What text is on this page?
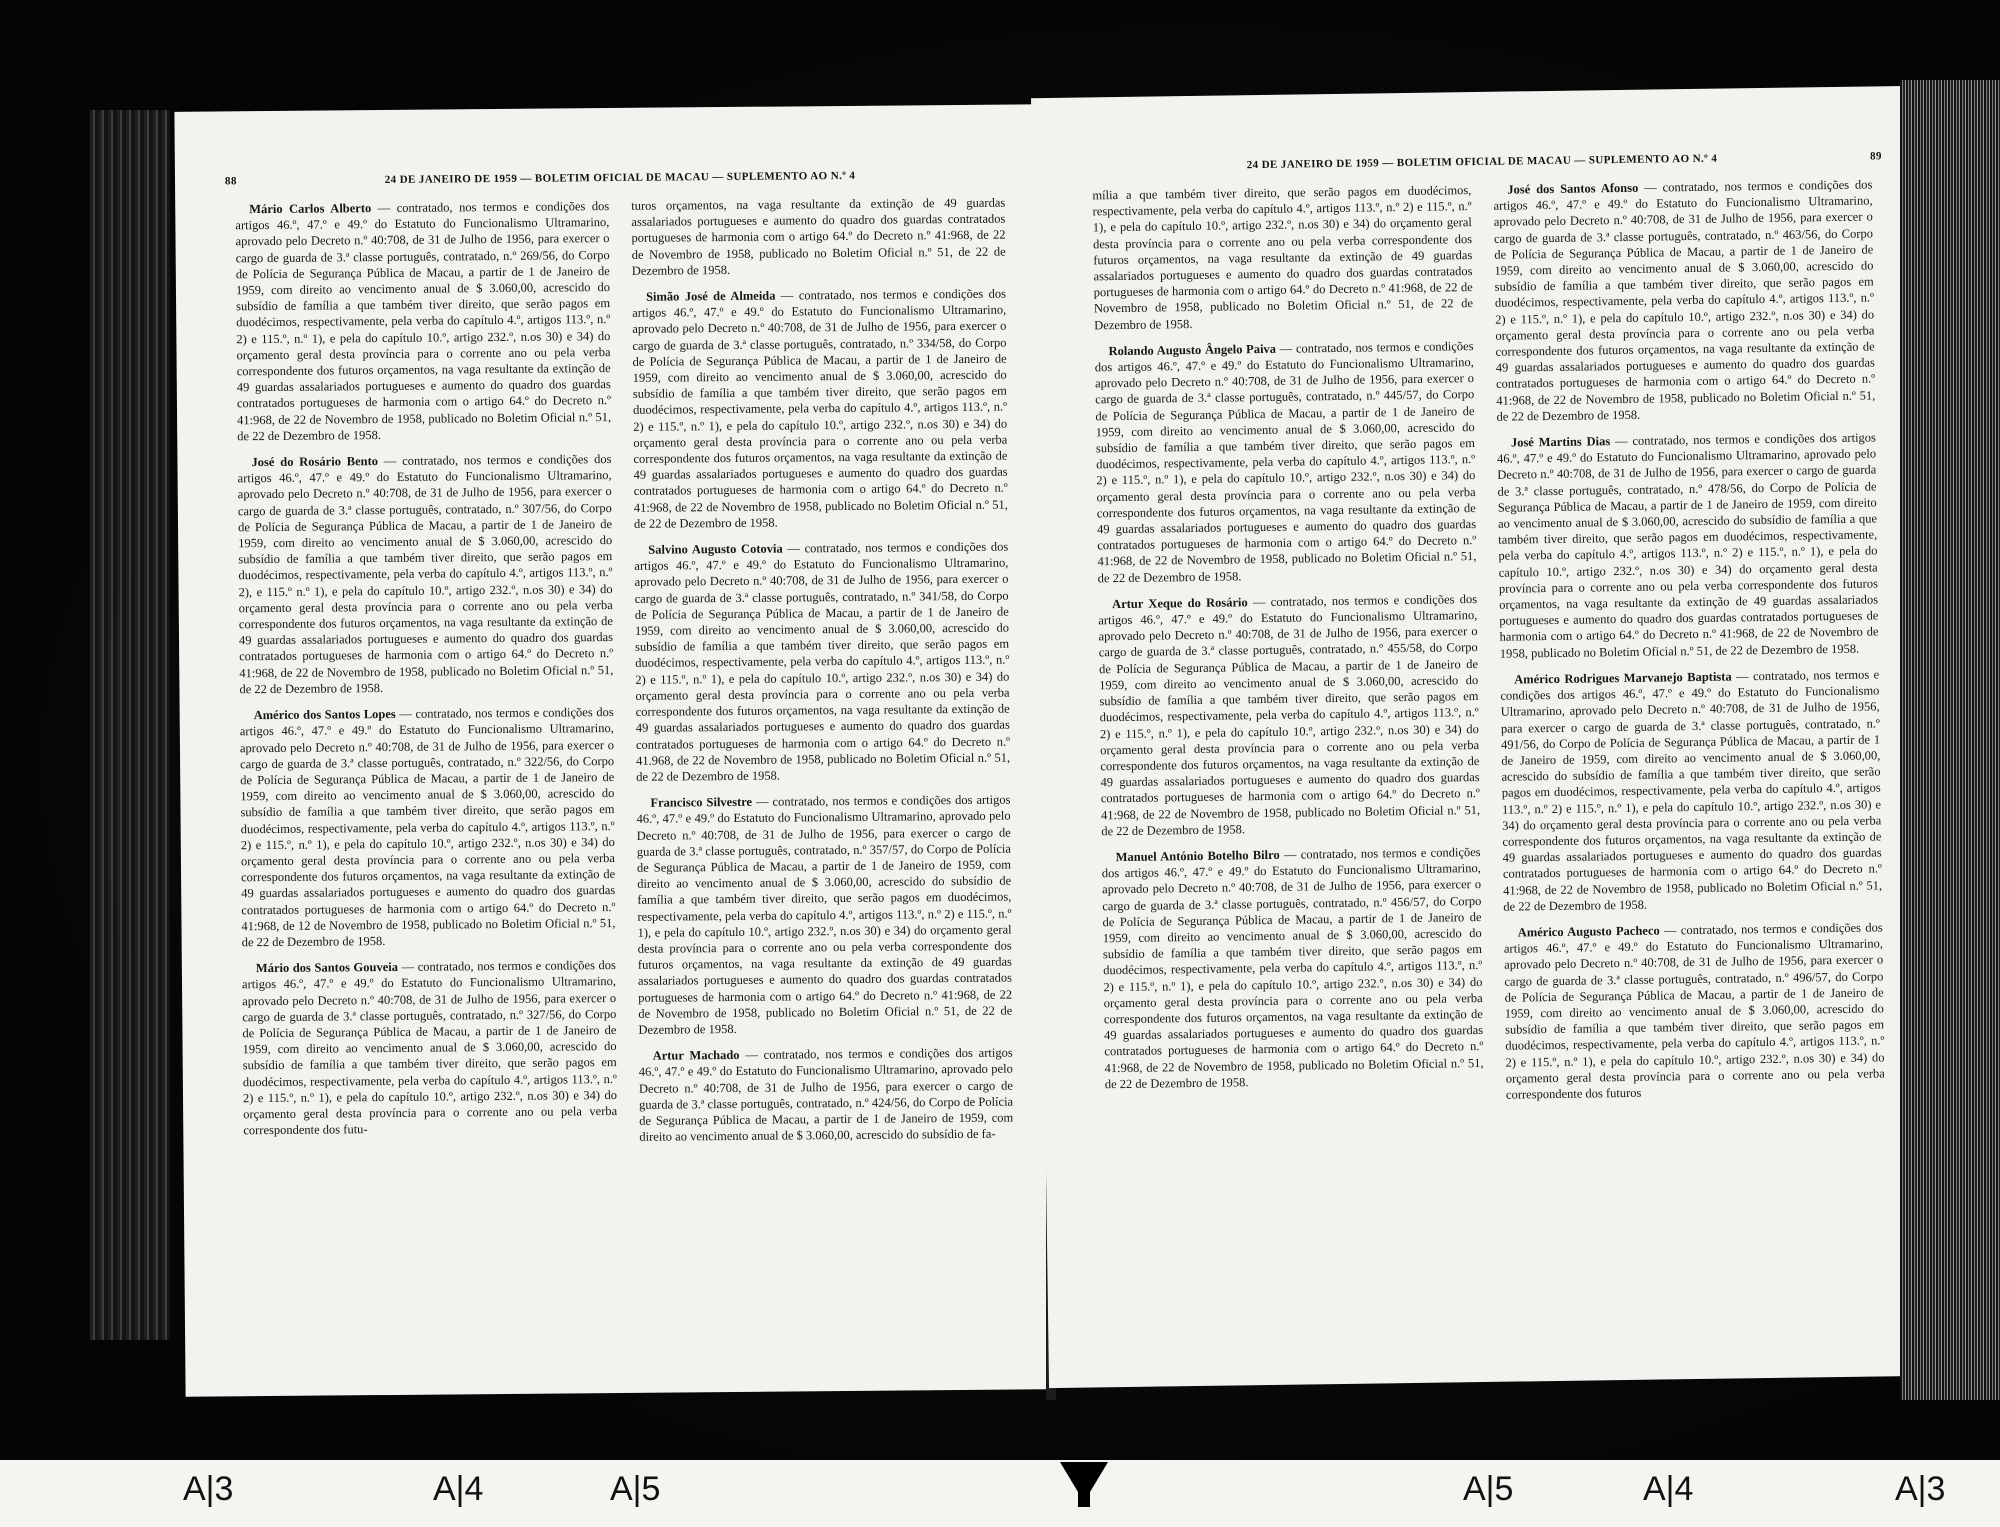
88	24 DE JANEIRO DE 1959 — BOLETIM OFICIAL DE MACAU — SUPLEMENTO AO N.º 4

Mário Carlos Alberto — contratado, nos termos e condições dos artigos 46.º, 47.º e 49.º do Estatuto do Funcionalismo Ultramarino, aprovado pelo Decreto n.º 40:708, de 31 de Julho de 1956, para exercer o cargo de guarda de 3.ª classe português, contratado, n.º 269/56, do Corpo de Polícia de Segurança Pública de Macau, a partir de 1 de Janeiro de 1959, com direito ao vencimento anual de $ 3.060,00, acrescido do subsídio de família a que também tiver direito, que serão pagos em duodécimos, respectivamente, pela verba do capítulo 4.º, artigos 113.º, n.º 2) e 115.º, n.º 1), e pela do capítulo 10.º, artigo 232.º, n.os 30) e 34) do orçamento geral desta província para o corrente ano ou pela verba correspondente dos futuros orçamentos, na vaga resultante da extinção de 49 guardas assalariados portugueses e aumento do quadro dos guardas contratados portugueses de harmonia com o artigo 64.º do Decreto n.º 41:968, de 22 de Novembro de 1958, publicado no Boletim Oficial n.º 51, de 22 de Dezembro de 1958.

José do Rosário Bento — contratado, nos termos e condições dos artigos 46.º, 47.º e 49.º do Estatuto do Funcionalismo Ultramarino, aprovado pelo Decreto n.º 40:708, de 31 de Julho de 1956, para exercer o cargo de guarda de 3.ª classe português, contratado, n.º 307/56, do Corpo de Polícia de Segurança Pública de Macau, a partir de 1 de Janeiro de 1959, com direito ao vencimento anual de $ 3.060,00, acrescido do subsídio de família a que também tiver direito, que serão pagos em duodécimos, respectivamente, pela verba do capítulo 4.º, artigos 113.º, n.º 2), e 115.º n.º 1), e pela do capítulo 10.º, artigo 232.º, n.os 30) e 34) do orçamento geral desta província para o corrente ano ou pela verba correspondente dos futuros orçamentos, na vaga resultante da extinção de 49 guardas assalariados portugueses e aumento do quadro dos guardas contratados portugueses de harmonia com o artigo 64.º do Decreto n.º 41:968, de 22 de Novembro de 1958, publicado no Boletim Oficial n.º 51, de 22 de Dezembro de 1958.

Américo dos Santos Lopes — contratado, nos termos e condições dos artigos 46.º, 47.º e 49.º do Estatuto do Funcionalismo Ultramarino, aprovado pelo Decreto n.º 40:708, de 31 de Julho de 1956, para exercer o cargo de guarda de 3.ª classe português, contratado, n.º 322/56, do Corpo de Polícia de Segurança Pública de Macau, a partir de 1 de Janeiro de 1959, com direito ao vencimento anual de $ 3.060,00, acrescido do subsídio de família a que também tiver direito, que serão pagos em duodécimos, respectivamente, pela verba do capítulo 4.º, artigos 113.º, n.º 2) e 115.º, n.º 1), e pela do capítulo 10.º, artigo 232.º, n.os 30) e 34) do orçamento geral desta província para o corrente ano ou pela verba correspondente dos futuros orçamentos, na vaga resultante da extinção de 49 guardas assalariados portugueses e aumento do quadro dos guardas contratados portugueses de harmonia com o artigo 64.º do Decreto n.º 41:968, de 12 de Novembro de 1958, publicado no Boletim Oficial n.º 51, de 22 de Dezembro de 1958.

Mário dos Santos Gouveia — contratado, nos termos e condições dos artigos 46.º, 47.º e 49.º do Estatuto do Funcionalismo Ultramarino, aprovado pelo Decreto n.º 40:708, de 31 de Julho de 1956, para exercer o cargo de guarda de 3.ª classe português, contratado, n.º 327/56, do Corpo de Polícia de Segurança Pública de Macau, a partir de 1 de Janeiro de 1959, com direito ao vencimento anual de $ 3.060,00, acrescido do subsídio de família a que também tiver direito, que serão pagos em duodécimos, respectivamente, pela verba do capítulo 4.º, artigos 113.º, n.º 2) e 115.º, n.º 1), e pela do capítulo 10.º, artigo 232.º, n.os 30) e 34) do orçamento geral desta província para o corrente ano ou pela verba correspondente dos futu-

turos orçamentos, na vaga resultante da extinção de 49 guardas assalariados portugueses e aumento do quadro dos guardas contratados portugueses de harmonia com o artigo 64.º do Decreto n.º 41:968, de 22 de Novembro de 1958, publicado no Boletim Oficial n.º 51, de 22 de Dezembro de 1958.

Simão José de Almeida — contratado, nos termos e condições dos artigos 46.º, 47.º e 49.º do Estatuto do Funcionalismo Ultramarino, aprovado pelo Decreto n.º 40:708, de 31 de Julho de 1956, para exercer o cargo de guarda de 3.ª classe português, contratado, n.º 334/58, do Corpo de Polícia de Segurança Pública de Macau, a partir de 1 de Janeiro de 1959, com direito ao vencimento anual de $ 3.060,00, acrescido do subsídio de família a que também tiver direito, que serão pagos em duodécimos, respectivamente, pela verba do capítulo 4.º, artigos 113.º, n.º 2) e 115.º, n.º 1), e pela do capítulo 10.º, artigo 232.º, n.os 30) e 34) do orçamento geral desta província para o corrente ano ou pela verba correspondente dos futuros orçamentos, na vaga resultante da extinção de 49 guardas assalariados portugueses e aumento do quadro dos guardas contratados portugueses de harmonia com o artigo 64.º do Decreto n.º 41:968, de 22 de Novembro de 1958, publicado no Boletim Oficial n.º 51, de 22 de Dezembro de 1958.

Salvino Augusto Cotovia — contratado, nos termos e condições dos artigos 46.º, 47.º e 49.º do Estatuto do Funcionalismo Ultramarino, aprovado pelo Decreto n.º 40:708, de 31 de Julho de 1956, para exercer o cargo de guarda de 3.ª classe português, contratado, n.º 341/58, do Corpo de Polícia de Segurança Pública de Macau, a partir de 1 de Janeiro de 1959, com direito ao vencimento anual de $ 3.060,00, acrescido do subsídio de família a que também tiver direito, que serão pagos em duodécimos, respectivamente, pela verba do capítulo 4.º, artigos 113.º, n.º 2) e 115.º, n.º 1), e pela do capítulo 10.º, artigo 232.º, n.os 30) e 34) do orçamento geral desta província para o corrente ano ou pela verba correspondente dos futuros orçamentos, na vaga resultante da extinção de 49 guardas assalariados portugueses e aumento do quadro dos guardas contratados portugueses de harmonia com o artigo 64.º do Decreto n.º 41.968, de 22 de Novembro de 1958, publicado no Boletim Oficial n.º 51, de 22 de Dezembro de 1958.

Francisco Silvestre — contratado, nos termos e condições dos artigos 46.º, 47.º e 49.º do Estatuto do Funcionalismo Ultramarino, aprovado pelo Decreto n.º 40:708, de 31 de Julho de 1956, para exercer o cargo de guarda de 3.ª classe português, contratado, n.º 357/57, do Corpo de Polícia de Segurança Pública de Macau, a partir de 1 de Janeiro de 1959, com direito ao vencimento anual de $ 3.060,00, acrescido do subsídio de família a que também tiver direito, que serão pagos em duodécimos, respectivamente, pela verba do capítulo 4.º, artigos 113.º, n.º 2) e 115.º, n.º 1), e pela do capítulo 10.º, artigo 232.º, n.os 30) e 34) do orçamento geral desta província para o corrente ano ou pela verba correspondente dos futuros orçamentos, na vaga resultante da extinção de 49 guardas assalariados portugueses e aumento do quadro dos guardas contratados portugueses de harmonia com o artigo 64.º do Decreto n.º 41:968, de 22 de Novembro de 1958, publicado no Boletim Oficial n.º 51, de 22 de Dezembro de 1958.

Artur Machado — contratado, nos termos e condições dos artigos 46.º, 47.º e 49.º do Estatuto do Funcionalismo Ultramarino, aprovado pelo Decreto n.º 40:708, de 31 de Julho de 1956, para exercer o cargo de guarda de 3.ª classe português, contratado, n.º 424/56, do Corpo de Polícia de Segurança Pública de Macau, a partir de 1 de Janeiro de 1959, com direito ao vencimento anual de $ 3.060,00, acrescido do subsídio de fa-

24 DE JANEIRO DE 1959 — BOLETIM OFICIAL DE MACAU — SUPLEMENTO AO N.º 4	89

mília a que também tiver direito, que serão pagos em duodécimos, respectivamente, pela verba do capítulo 4.º, artigos 113.º, n.º 2) e 115.º, n.º 1), e pela do capítulo 10.º, artigo 232.º, n.os 30) e 34) do orçamento geral desta província para o corrente ano ou pela verba correspondente dos futuros orçamentos, na vaga resultante da extinção de 49 guardas assalariados portugueses e aumento do quadro dos guardas contratados portugueses de harmonia com o artigo 64.º do Decreto n.º 41:968, de 22 de Novembro de 1958, publicado no Boletim Oficial n.º 51, de 22 de Dezembro de 1958.

Rolando Augusto Ângelo Paiva — contratado, nos termos e condições dos artigos 46.º, 47.º e 49.º do Estatuto do Funcionalismo Ultramarino, aprovado pelo Decreto n.º 40:708, de 31 de Julho de 1956, para exercer o cargo de guarda de 3.ª classe português, contratado, n.º 445/57, do Corpo de Polícia de Segurança Pública de Macau, a partir de 1 de Janeiro de 1959, com direito ao vencimento anual de $ 3.060,00, acrescido do subsídio de família a que também tiver direito, que serão pagos em duodécimos, respectivamente, pela verba do capítulo 4.º, artigos 113.º, n.º 2) e 115.º, n.º 1), e pela do capítulo 10.º, artigo 232.º, n.os 30) e 34) do orçamento geral desta província para o corrente ano ou pela verba correspondente dos futuros orçamentos, na vaga resultante da extinção de 49 guardas assalariados portugueses e aumento do quadro dos guardas contratados portugueses de harmonia com o artigo 64.º do Decreto n.º 41:968, de 22 de Novembro de 1958, publicado no Boletim Oficial n.º 51, de 22 de Dezembro de 1958.

Artur Xeque do Rosário — contratado, nos termos e condições dos artigos 46.º, 47.º e 49.º do Estatuto do Funcionalismo Ultramarino, aprovado pelo Decreto n.º 40:708, de 31 de Julho de 1956, para exercer o cargo de guarda de 3.ª classe português, contratado, n.º 455/58, do Corpo de Polícia de Segurança Pública de Macau, a partir de 1 de Janeiro de 1959, com direito ao vencimento anual de $ 3.060,00, acrescido do subsídio de família a que também tiver direito, que serão pagos em duodécimos, respectivamente, pela verba do capítulo 4.º, artigos 113.º, n.º 2) e 115.º, n.º 1), e pela do capítulo 10.º, artigo 232.º, n.os 30) e 34) do orçamento geral desta província para o corrente ano ou pela verba correspondente dos futuros orçamentos, na vaga resultante da extinção de 49 guardas assalariados portugueses e aumento do quadro dos guardas contratados portugueses de harmonia com o artigo 64.º do Decreto n.º 41:968, de 22 de Novembro de 1958, publicado no Boletim Oficial n.º 51, de 22 de Dezembro de 1958.

Manuel António Botelho Bilro — contratado, nos termos e condições dos artigos 46.º, 47.º e 49.º do Estatuto do Funcionalismo Ultramarino, aprovado pelo Decreto n.º 40:708, de 31 de Julho de 1956, para exercer o cargo de guarda de 3.ª classe português, contratado, n.º 456/57, do Corpo de Polícia de Segurança Pública de Macau, a partir de 1 de Janeiro de 1959, com direito ao vencimento anual de $ 3.060,00, acrescido do subsídio de família a que também tiver direito, que serão pagos em duodécimos, respectivamente, pela verba do capítulo 4.º, artigos 113.º, n.º 2) e 115.º, n.º 1), e pela do capítulo 10.º, artigo 232.º, n.os 30) e 34) do orçamento geral desta província para o corrente ano ou pela verba correspondente dos futuros orçamentos, na vaga resultante da extinção de 49 guardas assalariados portugueses e aumento do quadro dos guardas contratados portugueses de harmonia com o artigo 64.º do Decreto n.º 41:968, de 22 de Novembro de 1958, publicado no Boletim Oficial n.º 51, de 22 de Dezembro de 1958.

José dos Santos Afonso — contratado, nos termos e condições dos artigos 46.º, 47.º e 49.º do Estatuto do Funcionalismo Ultramarino, aprovado pelo Decreto n.º 40:708, de 31 de Julho de 1956, para exercer o cargo de guarda de 3.ª classe português, contratado, n.º 463/56, do Corpo de Polícia de Segurança Pública de Macau, a partir de 1 de Janeiro de 1959, com direito ao vencimento anual de $ 3.060,00, acrescido do subsídio de família a que também tiver direito, que serão pagos em duodécimos, respectivamente, pela verba do capítulo 4.º, artigos 113.º, n.º 2) e 115.º, n.º 1), e pela do capítulo 10.º, artigo 232.º, n.os 30) e 34) do orçamento geral desta província para o corrente ano ou pela verba correspondente dos futuros orçamentos, na vaga resultante da extinção de 49 guardas assalariados portugueses e aumento do quadro dos guardas contratados portugueses de harmonia com o artigo 64.º do Decreto n.º 41:968, de 22 de Novembro de 1958, publicado no Boletim Oficial n.º 51, de 22 de Dezembro de 1958.

José Martins Dias — contratado, nos termos e condições dos artigos 46.º, 47.º e 49.º do Estatuto do Funcionalismo Ultramarino, aprovado pelo Decreto n.º 40:708, de 31 de Julho de 1956, para exercer o cargo de guarda de 3.ª classe português, contratado, n.º 478/56, do Corpo de Polícia de Segurança Pública de Macau, a partir de 1 de Janeiro de 1959, com direito ao vencimento anual de $ 3.060,00, acrescido do subsídio de família a que também tiver direito, que serão pagos em duodécimos, respectivamente, pela verba do capítulo 4.º, artigos 113.º, n.º 2) e 115.º, n.º 1), e pela do capítulo 10.º, artigo 232.º, n.os 30) e 34) do orçamento geral desta província para o corrente ano ou pela verba correspondente dos futuros orçamentos, na vaga resultante da extinção de 49 guardas assalariados portugueses e aumento do quadro dos guardas contratados portugueses de harmonia com o artigo 64.º do Decreto n.º 41:968, de 22 de Novembro de 1958, publicado no Boletim Oficial n.º 51, de 22 de Dezembro de 1958.

Américo Rodrigues Marvanejo Baptista — contratado, nos termos e condições dos artigos 46.º, 47.º e 49.º do Estatuto do Funcionalismo Ultramarino, aprovado pelo Decreto n.º 40:708, de 31 de Julho de 1956, para exercer o cargo de guarda de 3.ª classe português, contratado, n.º 491/56, do Corpo de Polícia de Segurança Pública de Macau, a partir de 1 de Janeiro de 1959, com direito ao vencimento anual de $ 3.060,00, acrescido do subsídio de família a que também tiver direito, que serão pagos em duodécimos, respectivamente, pela verba do capítulo 4.º, artigos 113.º, n.º 2) e 115.º, n.º 1), e pela do capítulo 10.º, artigo 232.º, n.os 30) e 34) do orçamento geral desta província para o corrente ano ou pela verba correspondente dos futuros orçamentos, na vaga resultante da extinção de 49 guardas assalariados portugueses e aumento do quadro dos guardas contratados portugueses de harmonia com o artigo 64.º do Decreto n.º 41:968, de 22 de Novembro de 1958, publicado no Boletim Oficial n.º 51, de 22 de Dezembro de 1958.

Américo Augusto Pacheco — contratado, nos termos e condições dos artigos 46.º, 47.º e 49.º do Estatuto do Funcionalismo Ultramarino, aprovado pelo Decreto n.º 40:708, de 31 de Julho de 1956, para exercer o cargo de guarda de 3.ª classe português, contratado, n.º 496/57, do Corpo de Polícia de Segurança Pública de Macau, a partir de 1 de Janeiro de 1959, com direito ao vencimento anual de $ 3.060,00, acrescido do subsídio de família a que também tiver direito, que serão pagos em duodécimos, respectivamente, pela verba do capítulo 4.º, artigos 113.º, n.º 2) e 115.º, n.º 1), e pela do capítulo 10.º, artigo 232.º, n.os 30) e 34) do orçamento geral desta província para o corrente ano ou pela verba correspondente dos futuros

A|3	A|4	A|5	A|5	A|4	A|3
